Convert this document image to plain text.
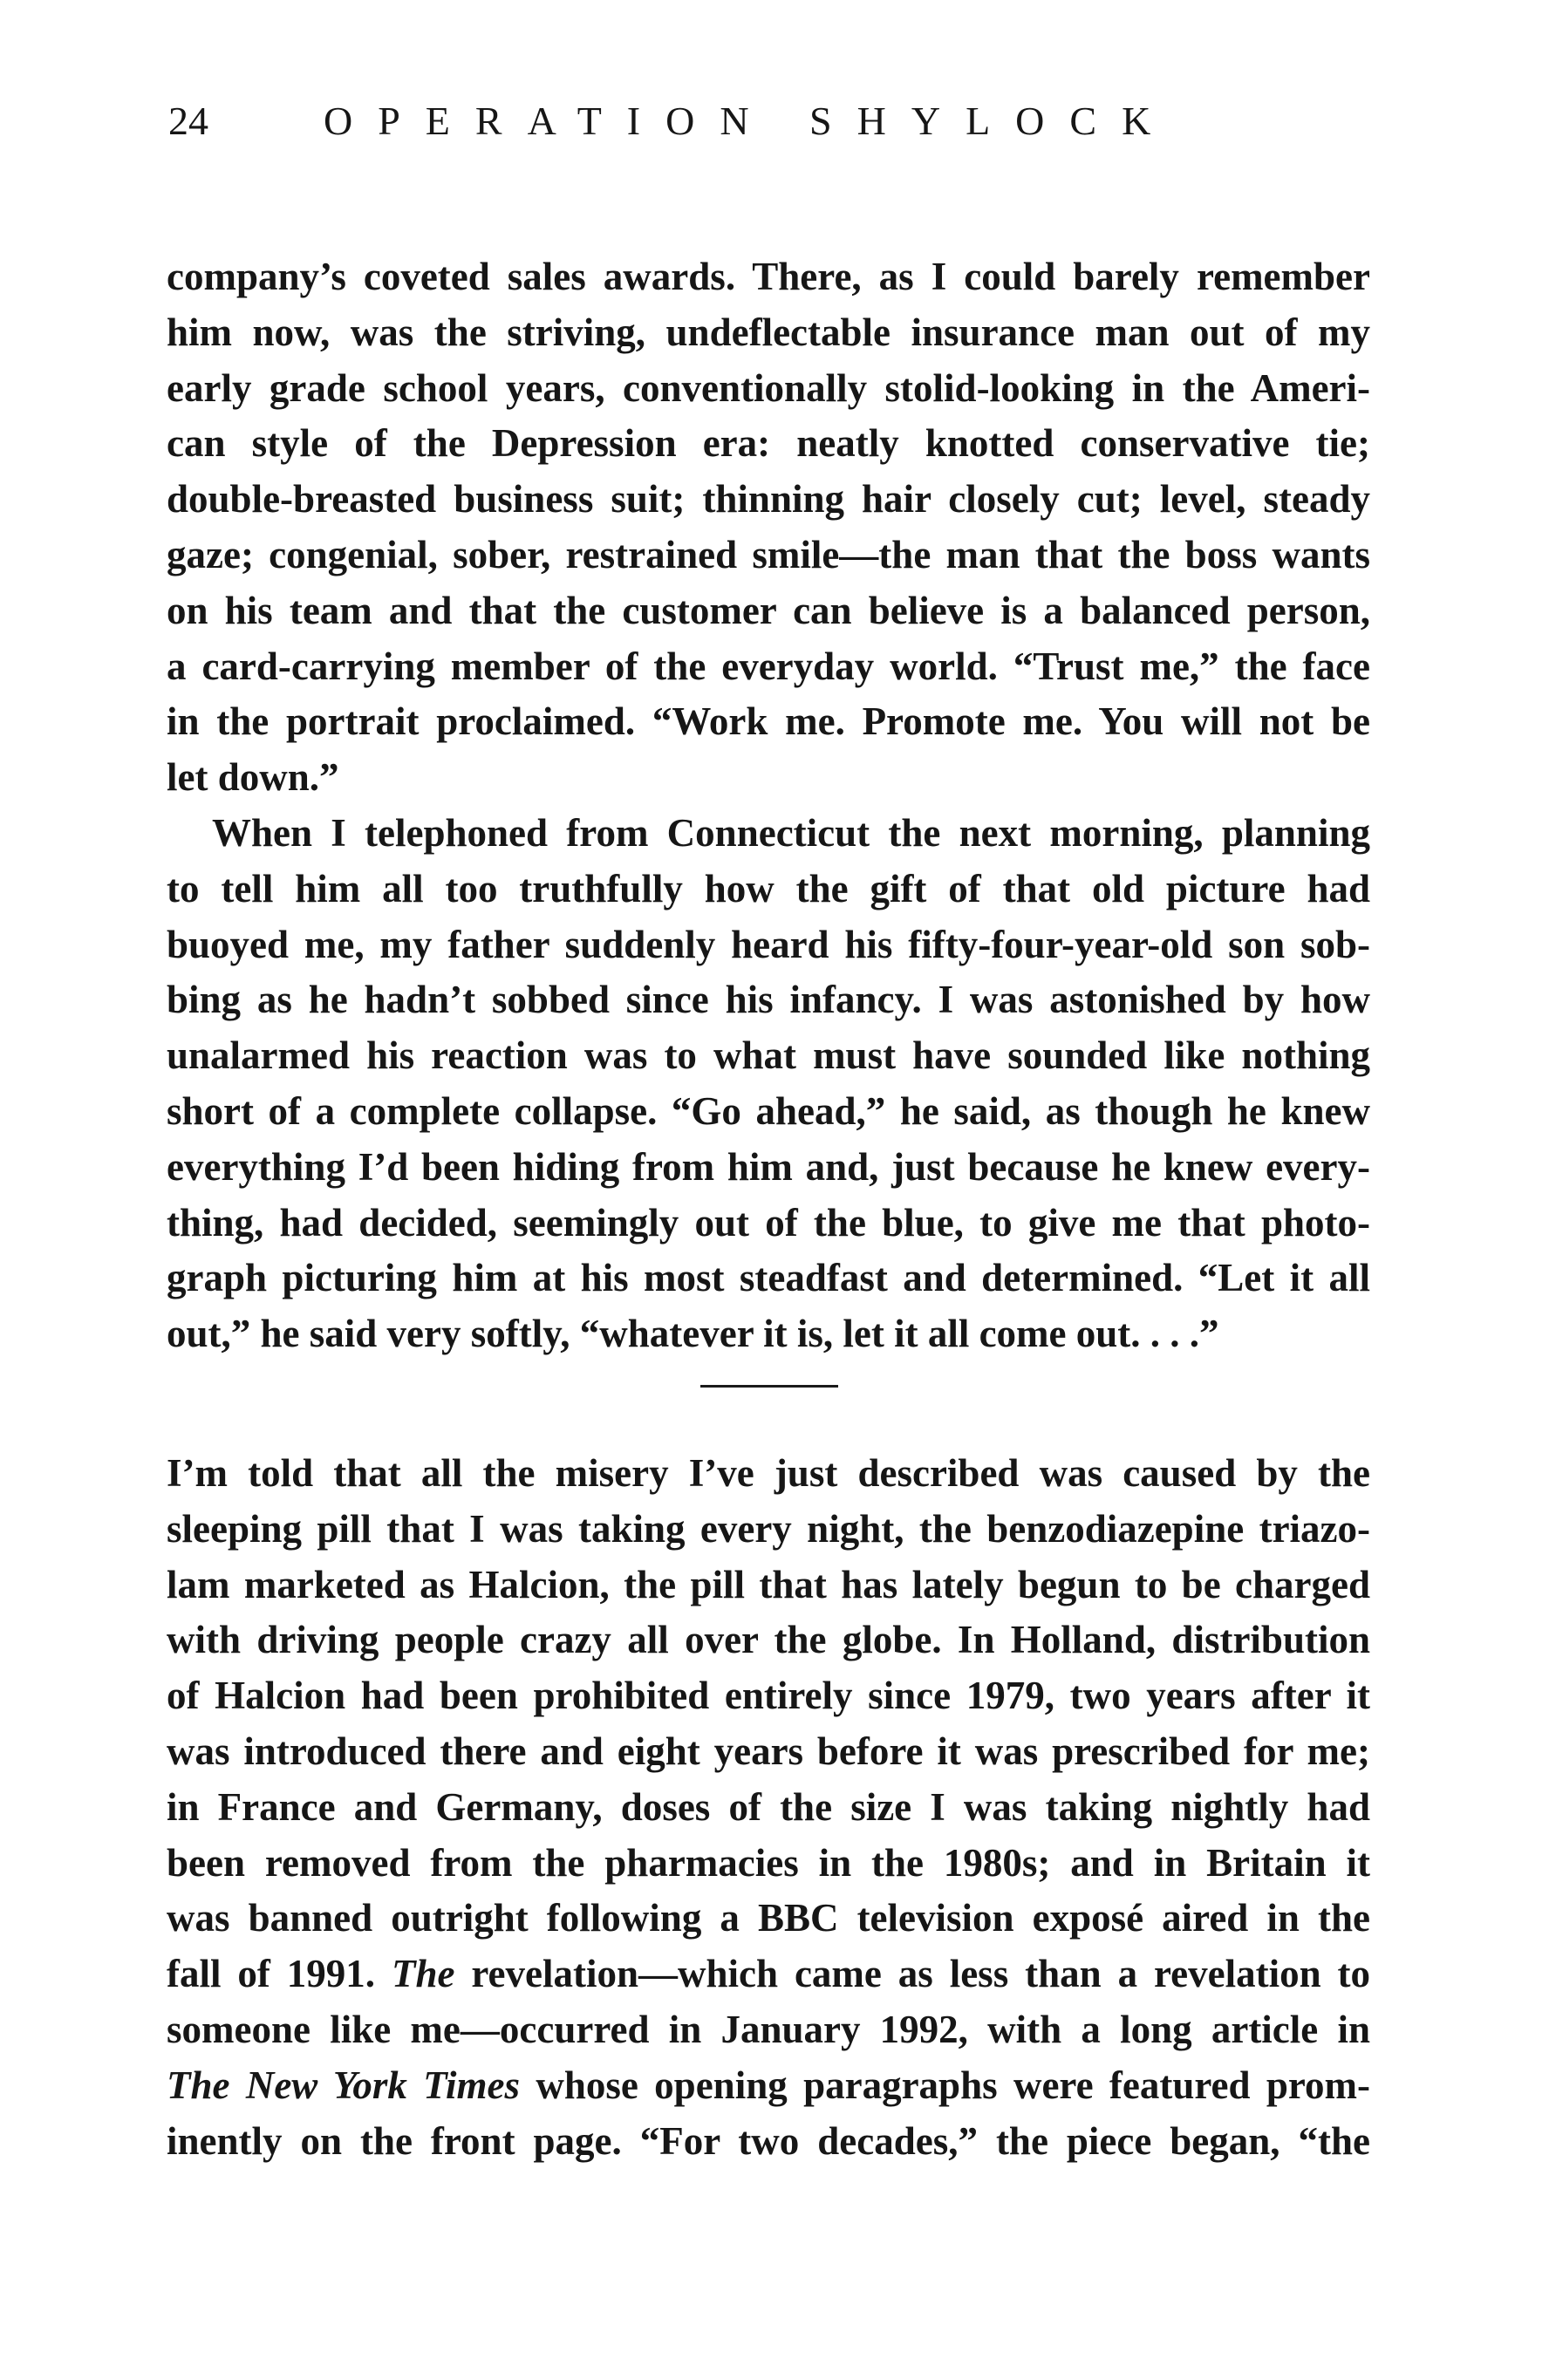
24	OPERATION SHYLOCK
company’s coveted sales awards. There, as I could barely remember
him now, was the striving, undeflectable insurance man out of my
early grade school years, conventionally stolid-looking in the Ameri-
can style of the Depression era: neatly knotted conservative tie;
double-breasted business suit; thinning hair closely cut; level, steady
gaze; congenial, sober, restrained smile—the man that the boss wants
on his team and that the customer can believe is a balanced person,
a card-carrying member of the everyday world. “Trust me,” the face
in the portrait proclaimed. “Work me. Promote me. You will not be
let down.”
When I telephoned from Connecticut the next morning, planning
to tell him all too truthfully how the gift of that old picture had
buoyed me, my father suddenly heard his fifty-four-year-old son sob-
bing as he hadn’t sobbed since his infancy. I was astonished by how
unalarmed his reaction was to what must have sounded like nothing
short of a complete collapse. “Go ahead,” he said, as though he knew
everything I’d been hiding from him and, just because he knew every-
thing, had decided, seemingly out of the blue, to give me that photo-
graph picturing him at his most steadfast and determined. “Let it all
out,” he said very softly, “whatever it is, let it all come out. . . .”
I’m told that all the misery I’ve just described was caused by the
sleeping pill that I was taking every night, the benzodiazepine triazo-
lam marketed as Halcion, the pill that has lately begun to be charged
with driving people crazy all over the globe. In Holland, distribution
of Halcion had been prohibited entirely since 1979, two years after it
was introduced there and eight years before it was prescribed for me;
in France and Germany, doses of the size I was taking nightly had
been removed from the pharmacies in the 1980s; and in Britain it
was banned outright following a BBC television exposé aired in the
fall of 1991. The revelation—which came as less than a revelation to
someone like me—occurred in January 1992, with a long article in
The New York Times whose opening paragraphs were featured prom-
inently on the front page. “For two decades,” the piece began, “the
